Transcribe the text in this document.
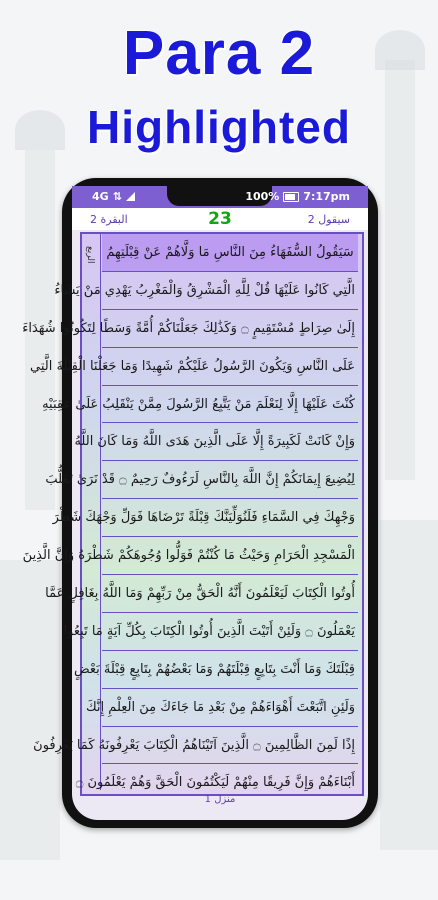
Para 2
Highlighted
4G ⇅	100% 7:17pm
البقرة 2	23	سیقول 2
الربع سَيَقُولُ السُّفَهَاءُ مِنَ النَّاسِ مَا وَلَّاهُمْ عَنْ قِبْلَتِهِمُ
الَّتِي كَانُوا عَلَيْهَا قُلْ لِلَّهِ الْمَشْرِقُ وَالْمَغْرِبُ يَهْدِي مَنْ يَشَاءُ
إِلَىٰ صِرَاطٍ مُسْتَقِيمٍ ۝ وَكَذَٰلِكَ جَعَلْنَاكُمْ أُمَّةً وَسَطًا لِتَكُونُوا شُهَدَاءَ
عَلَى النَّاسِ وَيَكُونَ الرَّسُولُ عَلَيْكُمْ شَهِيدًا وَمَا جَعَلْنَا الْقِبْلَةَ الَّتِي
كُنْتَ عَلَيْهَا إِلَّا لِنَعْلَمَ مَنْ يَتَّبِعُ الرَّسُولَ مِمَّنْ يَنْقَلِبُ عَلَىٰ عَقِبَيْهِ
وَإِنْ كَانَتْ لَكَبِيرَةً إِلَّا عَلَى الَّذِينَ هَدَى اللَّهُ وَمَا كَانَ اللَّهُ
لِيُضِيعَ إِيمَانَكُمْ إِنَّ اللَّهَ بِالنَّاسِ لَرَءُوفٌ رَحِيمٌ ۝ قَدْ نَرَىٰ تَقَلُّبَ
وَجْهِكَ فِي السَّمَاءِ فَلَنُوَلِّيَنَّكَ قِبْلَةً تَرْضَاهَا فَوَلِّ وَجْهَكَ شَطْرَ
الْمَسْجِدِ الْحَرَامِ وَحَيْثُ مَا كُنْتُمْ فَوَلُّوا وُجُوهَكُمْ شَطْرَهُ وَإِنَّ الَّذِينَ
أُوتُوا الْكِتَابَ لَيَعْلَمُونَ أَنَّهُ الْحَقُّ مِنْ رَبِّهِمْ وَمَا اللَّهُ بِغَافِلٍ عَمَّا
يَعْمَلُونَ ۝ وَلَئِنْ أَتَيْتَ الَّذِينَ أُوتُوا الْكِتَابَ بِكُلِّ آيَةٍ مَا تَبِعُوا
قِبْلَتَكَ وَمَا أَنْتَ بِتَابِعٍ قِبْلَتَهُمْ وَمَا بَعْضُهُمْ بِتَابِعٍ قِبْلَةَ بَعْضٍ
وَلَئِنِ اتَّبَعْتَ أَهْوَاءَهُمْ مِنْ بَعْدِ مَا جَاءَكَ مِنَ الْعِلْمِ إِنَّكَ
إِذًا لَمِنَ الظَّالِمِينَ ۝ الَّذِينَ آتَيْنَاهُمُ الْكِتَابَ يَعْرِفُونَهُ كَمَا يَعْرِفُونَ
أَبْنَاءَهُمْ وَإِنَّ فَرِيقًا مِنْهُمْ لَيَكْتُمُونَ الْحَقَّ وَهُمْ يَعْلَمُونَ ۝
منزل 1
